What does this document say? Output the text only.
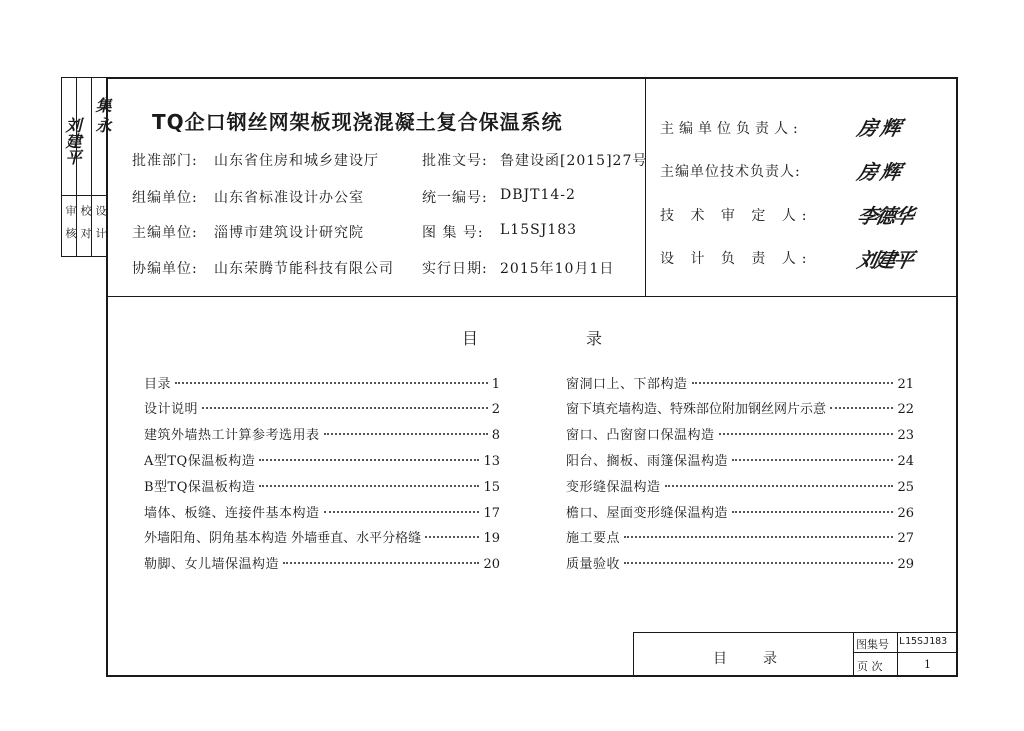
审 核 校 对 设 计
集永
刘建平	TQ企口钢丝网架板现浇混凝土复合保温系统
批准部门: 山东省住房和城乡建设厅	批准文号: 鲁建设函[2015]27号
组编单位: 山东省标准设计办公室	统一编号: DBJT14-2
主编单位: 淄博市建筑设计研究院	图 集 号: L15SJ183
协编单位: 山东荣腾节能科技有限公司 实行日期: 2015年10月1日
主编单位负责人:	房 辉
主编单位技术负责人:	房 辉
技 术 审 定 人: 李德华
设 计 负 责 人: 刘建平
目	录
目录	1
设计说明	2
建筑外墙热工计算参考选用表	8
A型TQ保温板构造	13
B型TQ保温板构造	15
墙体、板缝、连接件基本构造	17
外墙阳角、阴角基本构造 外墙垂直、水平分格缝	19
勒脚、女儿墙保温构造	20
窗洞口上、下部构造	21
窗下填充墙构造、特殊部位附加钢丝网片示意	22
窗口、凸窗窗口保温构造	23
阳台、搁板、雨篷保温构造	24
变形缝保温构造	25
檐口、屋面变形缝保温构造	26
施工要点	27
质量验收	29
目	录
图集号 L15SJ183
页 次	1
